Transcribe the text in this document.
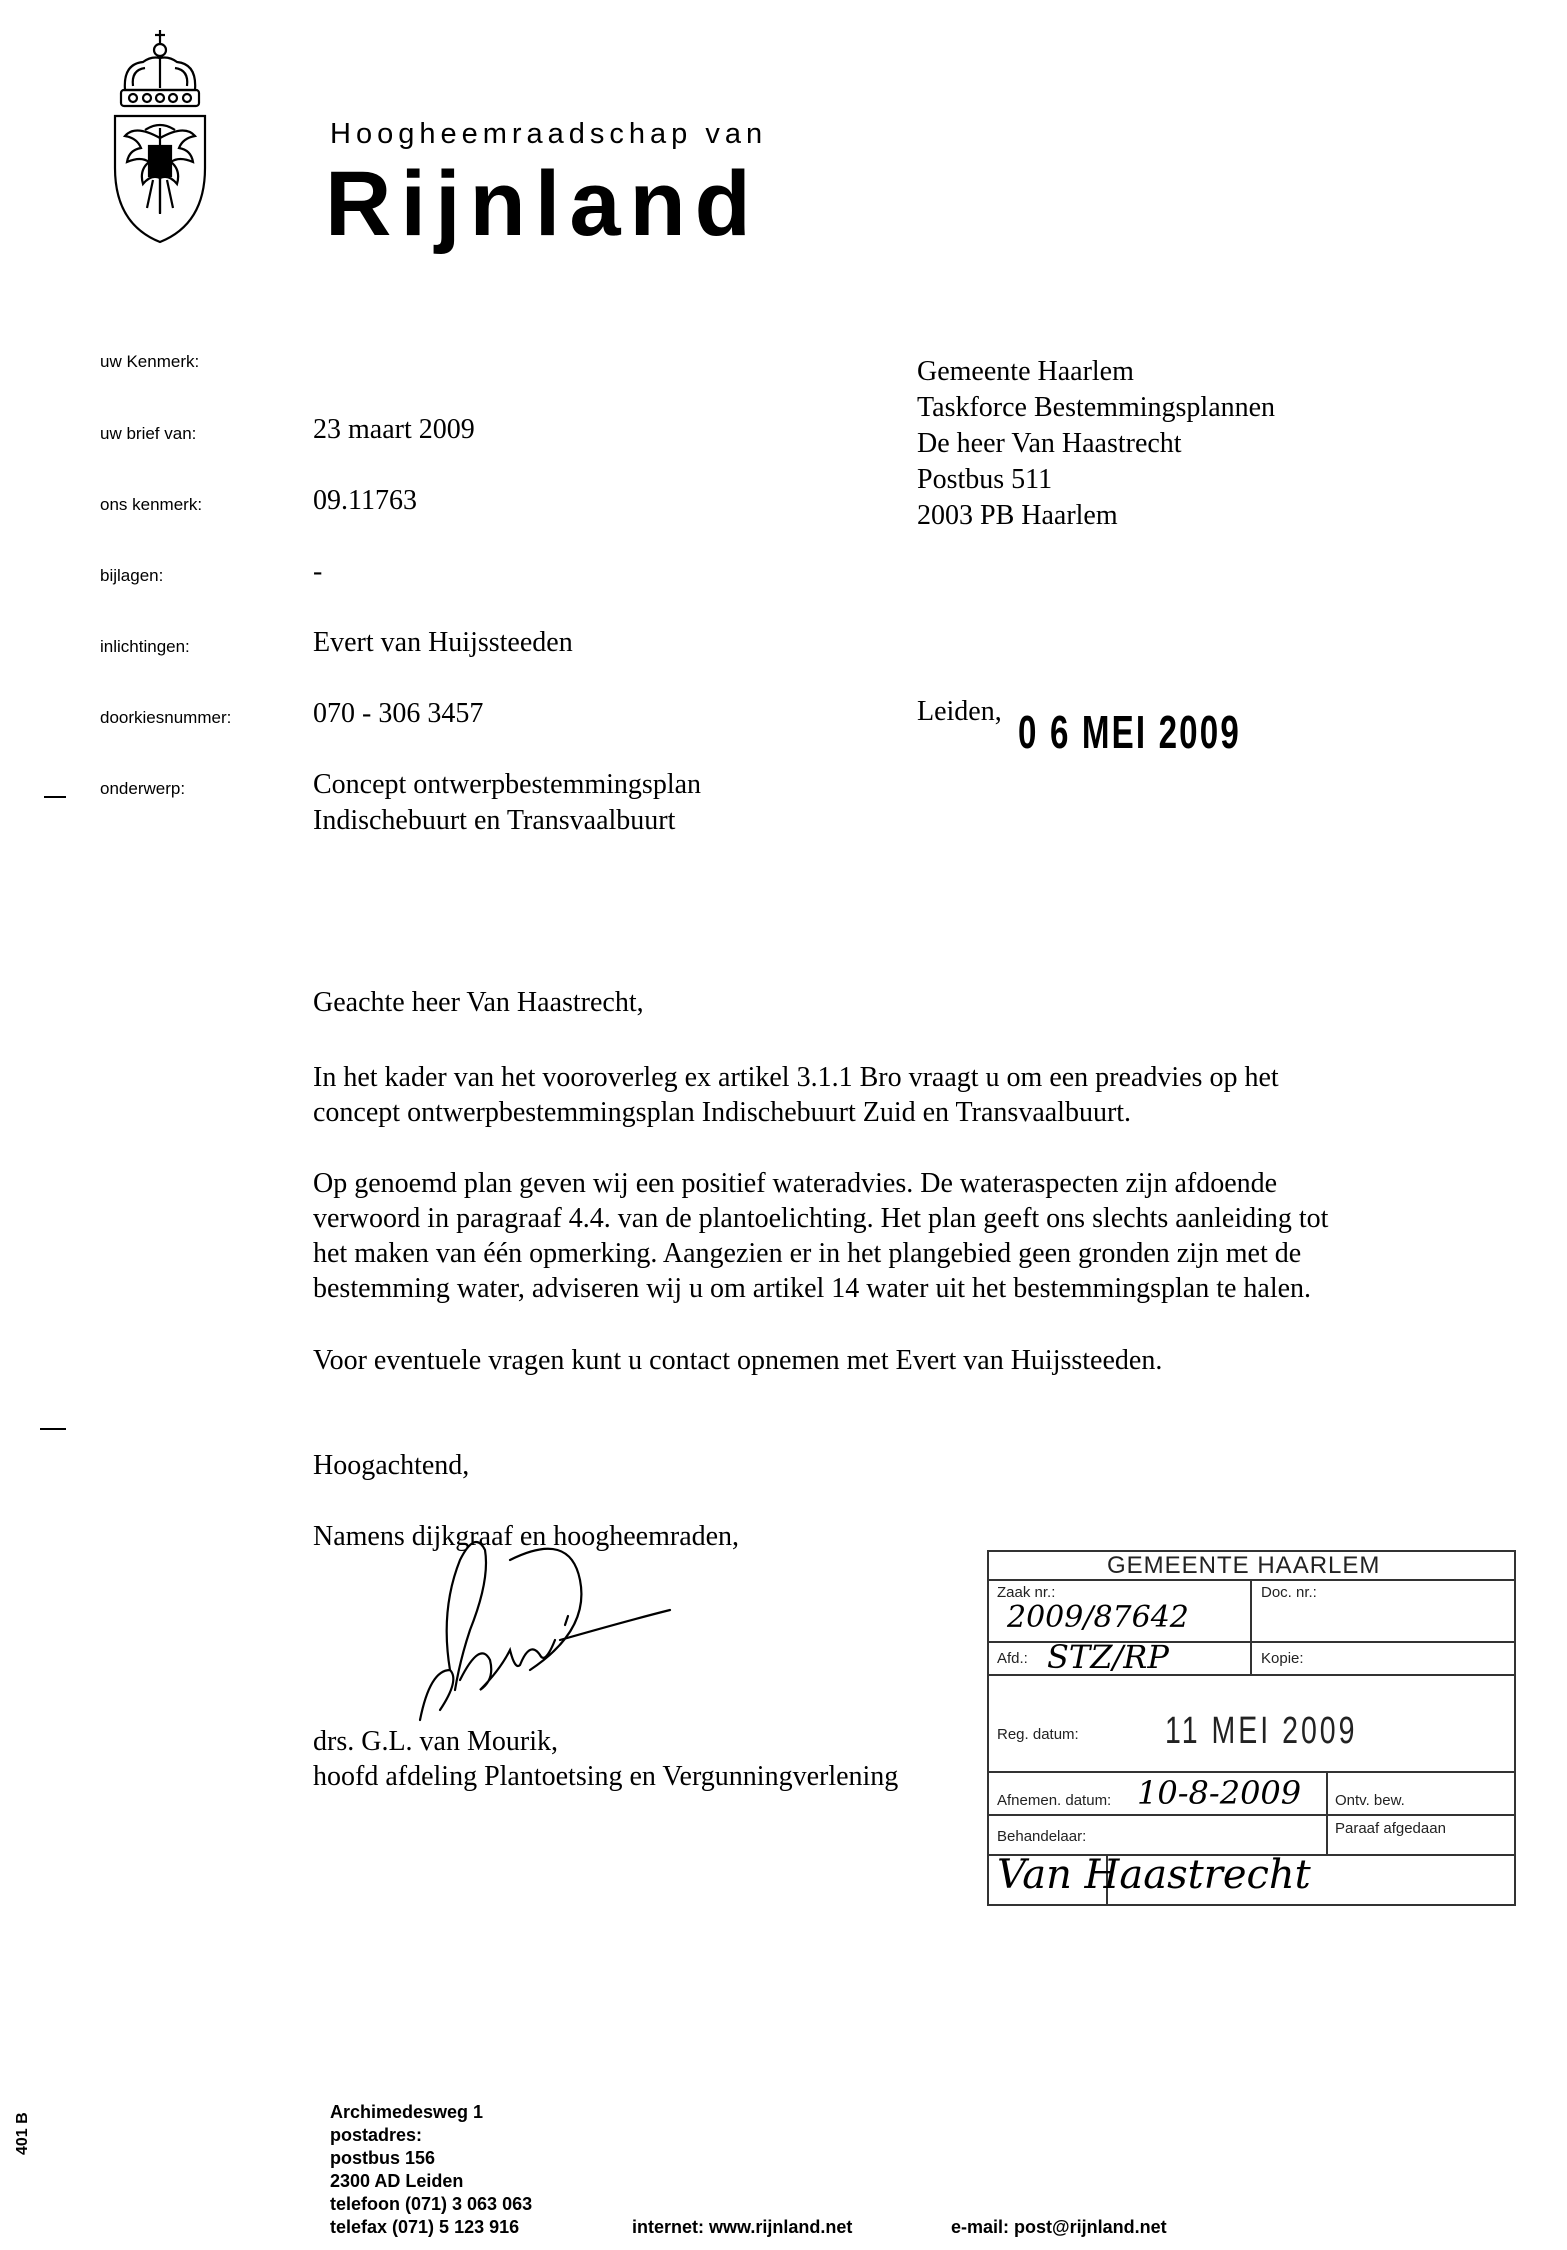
Hoogheemraadschap van
Rijnland
uw Kenmerk:
uw brief van:	23 maart 2009
ons kenmerk:	09.11763
bijlagen:	-
inlichtingen:	Evert van Huijssteeden
doorkiesnummer:	070 - 306 3457
onderwerp:	Concept ontwerpbestemmingsplan
Indischebuurt en Transvaalbuurt
Gemeente Haarlem
Taskforce Bestemmingsplannen
De heer Van Haastrecht
Postbus 511
2003 PB Haarlem
Leiden, 0 6 MEI 2009
Geachte heer Van Haastrecht,
In het kader van het vooroverleg ex artikel 3.1.1 Bro vraagt u om een preadvies op het
concept ontwerpbestemmingsplan Indischebuurt Zuid en Transvaalbuurt.
Op genoemd plan geven wij een positief wateradvies. De wateraspecten zijn afdoende
verwoord in paragraaf 4.4. van de plantoelichting. Het plan geeft ons slechts aanleiding tot
het maken van één opmerking. Aangezien er in het plangebied geen gronden zijn met de
bestemming water, adviseren wij u om artikel 14 water uit het bestemmingsplan te halen.
Voor eventuele vragen kunt u contact opnemen met Evert van Huijssteeden.
Hoogachtend,
Namens dijkgraaf en hoogheemraden,
drs. G.L. van Mourik,
hoofd afdeling Plantoetsing en Vergunningverlening
GEMEENTE HAARLEM
Zaak nr.:
2009/87642
Doc. nr.:
Afd.: STZ/RP	Kopie:
Reg. datum: 11 MEI 2009
Afnemen. datum: 10-8-2009 Ontv. bew.
Behandelaar:	Paraaf afgedaan
Van Haastrecht
Archimedesweg 1
postadres:
postbus 156
2300 AD Leiden
telefoon (071) 3 063 063
telefax (071) 5 123 916	internet: www.rijnland.net	e-mail: post@rijnland.net
401 B
